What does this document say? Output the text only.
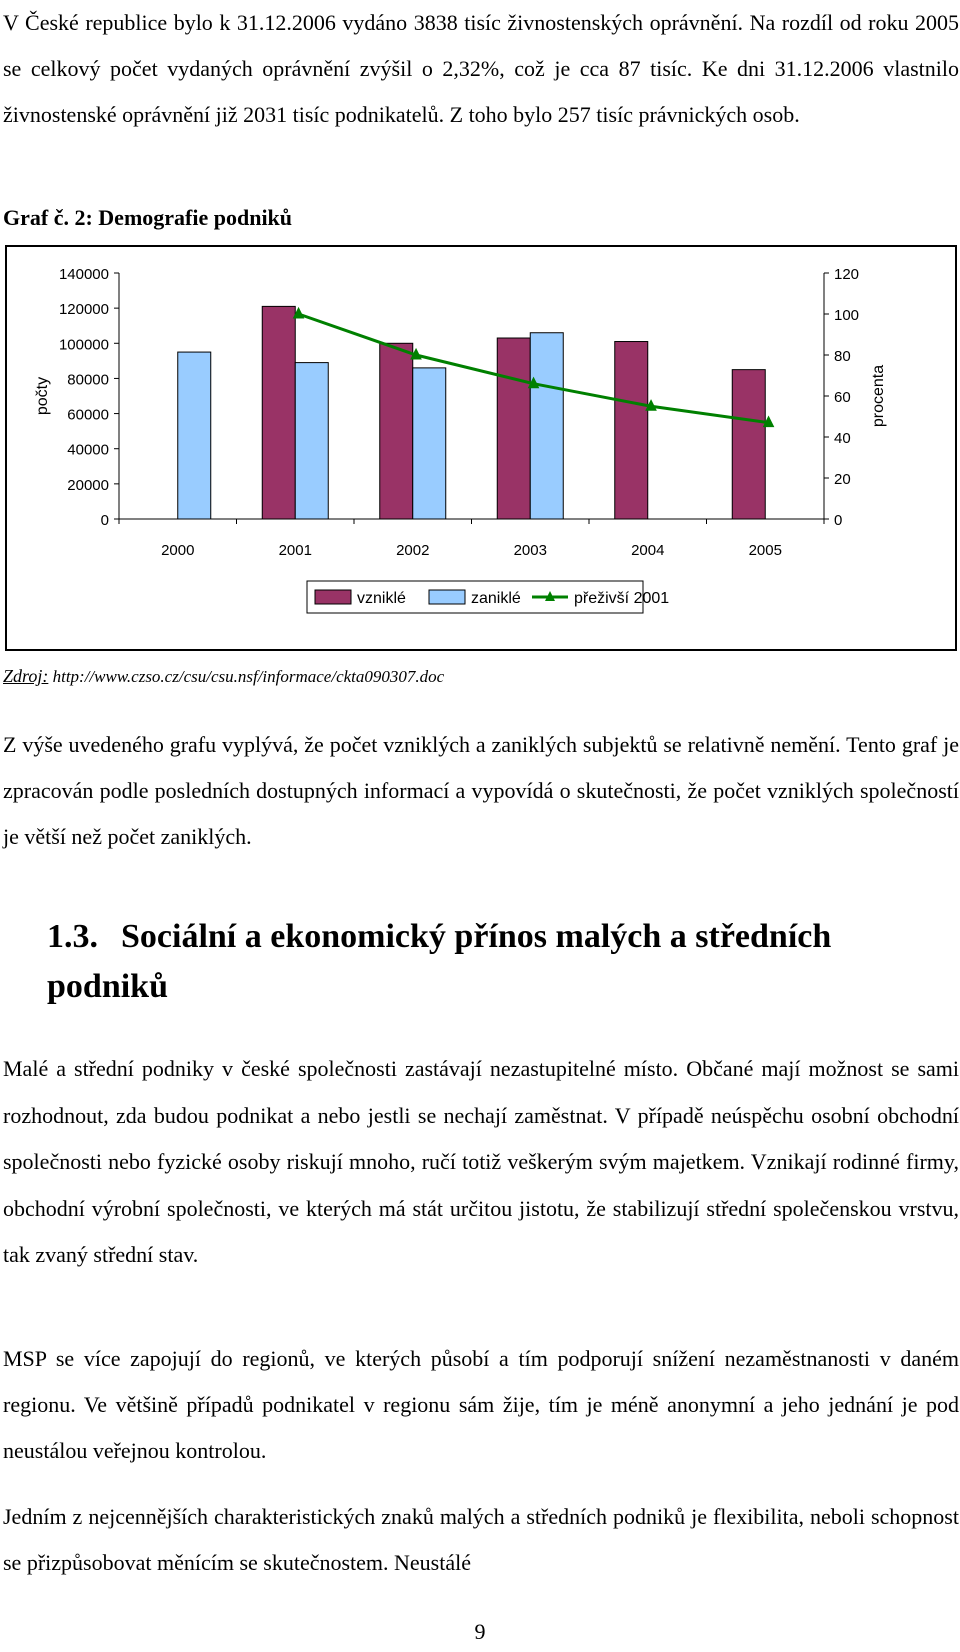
V České republice bylo k 31.12.2006 vydáno 3838 tisíc živnostenských oprávnění. Na rozdíl od roku 2005 se celkový počet vydaných oprávnění zvýšil o 2,32%, což je cca 87 tisíc. Ke dni 31.12.2006 vlastnilo živnostenské oprávnění již 2031 tisíc podnikatelů. Z toho bylo 257 tisíc právnických osob.

Graf č. 2: Demografie podniků

0
20000
40000
60000
80000
100000
120000
140000
0
20
40
60
80
100
120
2000	2001	2002	2003	2004	2005
počty	procenta
vzniklé	zaniklé	přeživší 2001
Zdroj: http://www.czso.cz/csu/csu.nsf/informace/ckta090307.doc

Z výše uvedeného grafu vyplývá, že počet vzniklých a zaniklých subjektů se relativně nemění. Tento graf je zpracován podle posledních dostupných informací a vypovídá o skutečnosti, že počet vzniklých společností je větší než počet zaniklých.

1.3. Sociální a ekonomický přínos malých a středních podniků

Malé a střední podniky v české společnosti zastávají nezastupitelné místo. Občané mají možnost se sami rozhodnout, zda budou podnikat a nebo jestli se nechají zaměstnat. V případě neúspěchu osobní obchodní společnosti nebo fyzické osoby riskují mnoho, ručí totiž veškerým svým majetkem. Vznikají rodinné firmy, obchodní výrobní společnosti, ve kterých má stát určitou jistotu, že stabilizují střední společenskou vrstvu, tak zvaný střední stav.

MSP se více zapojují do regionů, ve kterých působí a tím podporují snížení nezaměstnanosti v daném regionu. Ve většině případů podnikatel v regionu sám žije, tím je méně anonymní a jeho jednání je pod neustálou veřejnou kontrolou.

Jedním z nejcennějších charakteristických znaků malých a středních podniků je flexibilita, neboli schopnost se přizpůsobovat měnícím se skutečnostem. Neustálé

9
